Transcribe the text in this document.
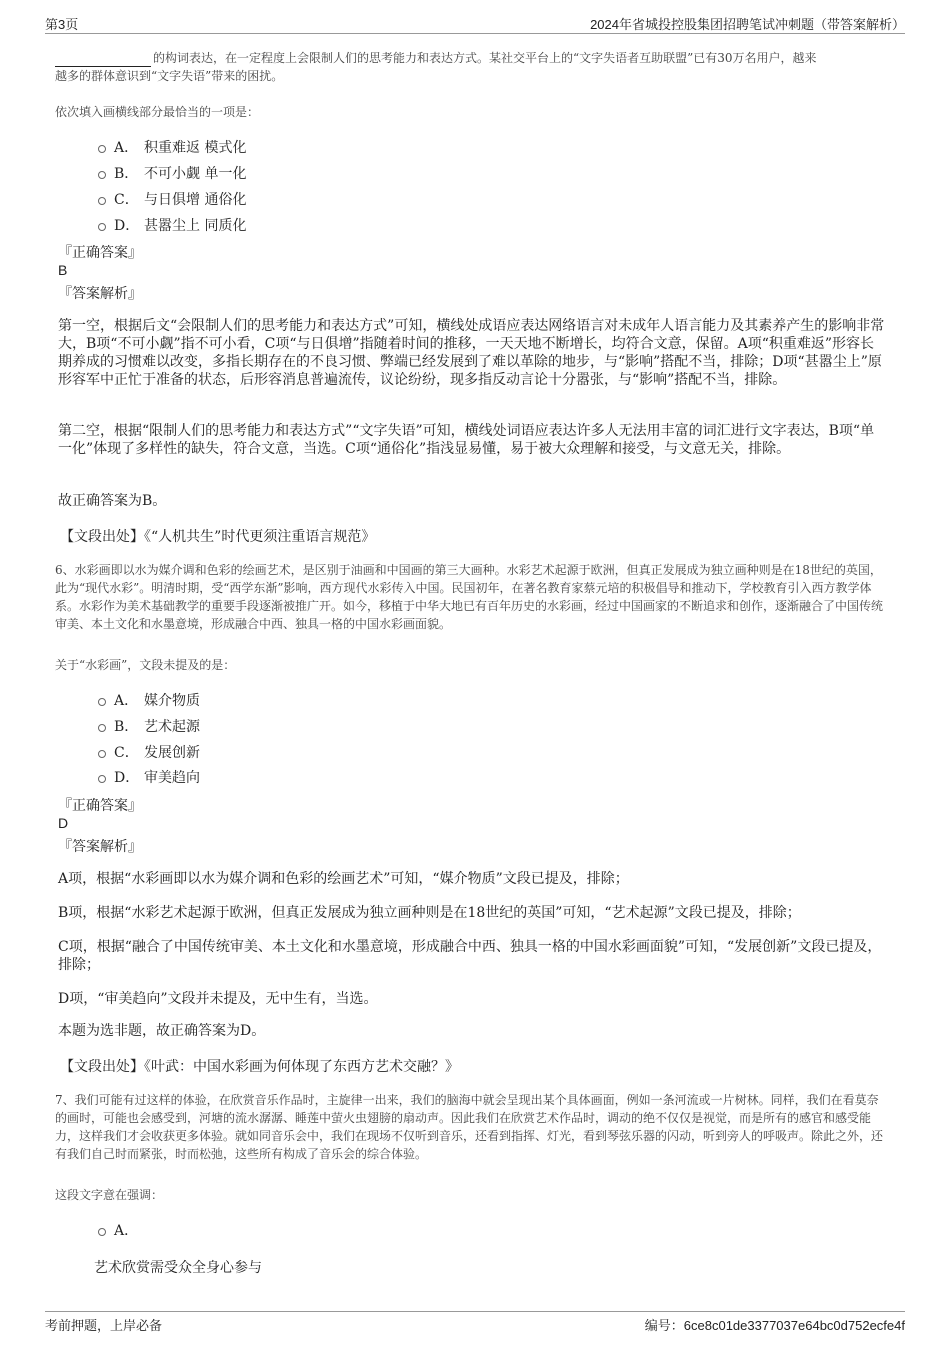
第3页	2024年省城投控股集团招聘笔试冲刺题（带答案解析）
的构词表达，在一定程度上会限制人们的思考能力和表达方式。某社交平台上的“文字失语者互助联盟”已有30万名用户，越来
越多的群体意识到“文字失语”带来的困扰。
依次填入画横线部分最恰当的一项是：
A． 积重难返 模式化
B． 不可小觑 单一化
C． 与日俱增 通俗化
D． 甚嚣尘上 同质化
『正确答案』
B
『答案解析』
第一空，根据后文“会限制人们的思考能力和表达方式”可知，横线处成语应表达网络语言对未成年人语言能力及其素养产生的影响非常大，B项“不可小觑”指不可小看，C项“与日俱增”指随着时间的推移，一天天地不断增长，均符合文意，保留。A项“积重难返”形容长期养成的习惯难以改变，多指长期存在的不良习惯、弊端已经发展到了难以革除的地步，与“影响”搭配不当，排除；D项“甚嚣尘上”原形容军中正忙于准备的状态，后形容消息普遍流传，议论纷纷，现多指反动言论十分嚣张，与“影响”搭配不当，排除。
第二空，根据“限制人们的思考能力和表达方式”“文字失语”可知，横线处词语应表达许多人无法用丰富的词汇进行文字表达，B项“单一化”体现了多样性的缺失，符合文意，当选。C项“通俗化”指浅显易懂，易于被大众理解和接受，与文意无关，排除。
故正确答案为B。
【文段出处】《“人机共生”时代更须注重语言规范》
6、水彩画即以水为媒介调和色彩的绘画艺术，是区别于油画和中国画的第三大画种。水彩艺术起源于欧洲，但真正发展成为独立画种则是在18世纪的英国，此为“现代水彩”。明清时期，受“西学东渐”影响，西方现代水彩传入中国。民国初年，在著名教育家蔡元培的积极倡导和推动下，学校教育引入西方教学体系。水彩作为美术基础教学的重要手段逐渐被推广开。如今，移植于中华大地已有百年历史的水彩画，经过中国画家的不断追求和创作，逐渐融合了中国传统审美、本土文化和水墨意境，形成融合中西、独具一格的中国水彩画面貌。
关于“水彩画”，文段未提及的是：
A． 媒介物质
B． 艺术起源
C． 发展创新
D． 审美趋向
『正确答案』
D
『答案解析』
A项，根据“水彩画即以水为媒介调和色彩的绘画艺术”可知，“媒介物质”文段已提及，排除；
B项，根据“水彩艺术起源于欧洲，但真正发展成为独立画种则是在18世纪的英国”可知，“艺术起源”文段已提及，排除；
C项，根据“融合了中国传统审美、本土文化和水墨意境，形成融合中西、独具一格的中国水彩画面貌”可知，“发展创新”文段已提及，排除；
D项，“审美趋向”文段并未提及，无中生有，当选。
本题为选非题，故正确答案为D。
【文段出处】《叶武：中国水彩画为何体现了东西方艺术交融？》
7、我们可能有过这样的体验，在欣赏音乐作品时，主旋律一出来，我们的脑海中就会呈现出某个具体画面，例如一条河流或一片树林。同样，我们在看莫奈的画时，可能也会感受到，河塘的流水潺潺、睡莲中萤火虫翅膀的扇动声。因此我们在欣赏艺术作品时，调动的绝不仅仅是视觉，而是所有的感官和感受能力，这样我们才会收获更多体验。就如同音乐会中，我们在现场不仅听到音乐，还看到指挥、灯光，看到琴弦乐器的闪动，听到旁人的呼吸声。除此之外，还有我们自己时而紧张，时而松弛，这些所有构成了音乐会的综合体验。
这段文字意在强调：
A．
艺术欣赏需受众全身心参与
考前押题，上岸必备	编号：6ce8c01de3377037e64bc0d752ecfe4f
